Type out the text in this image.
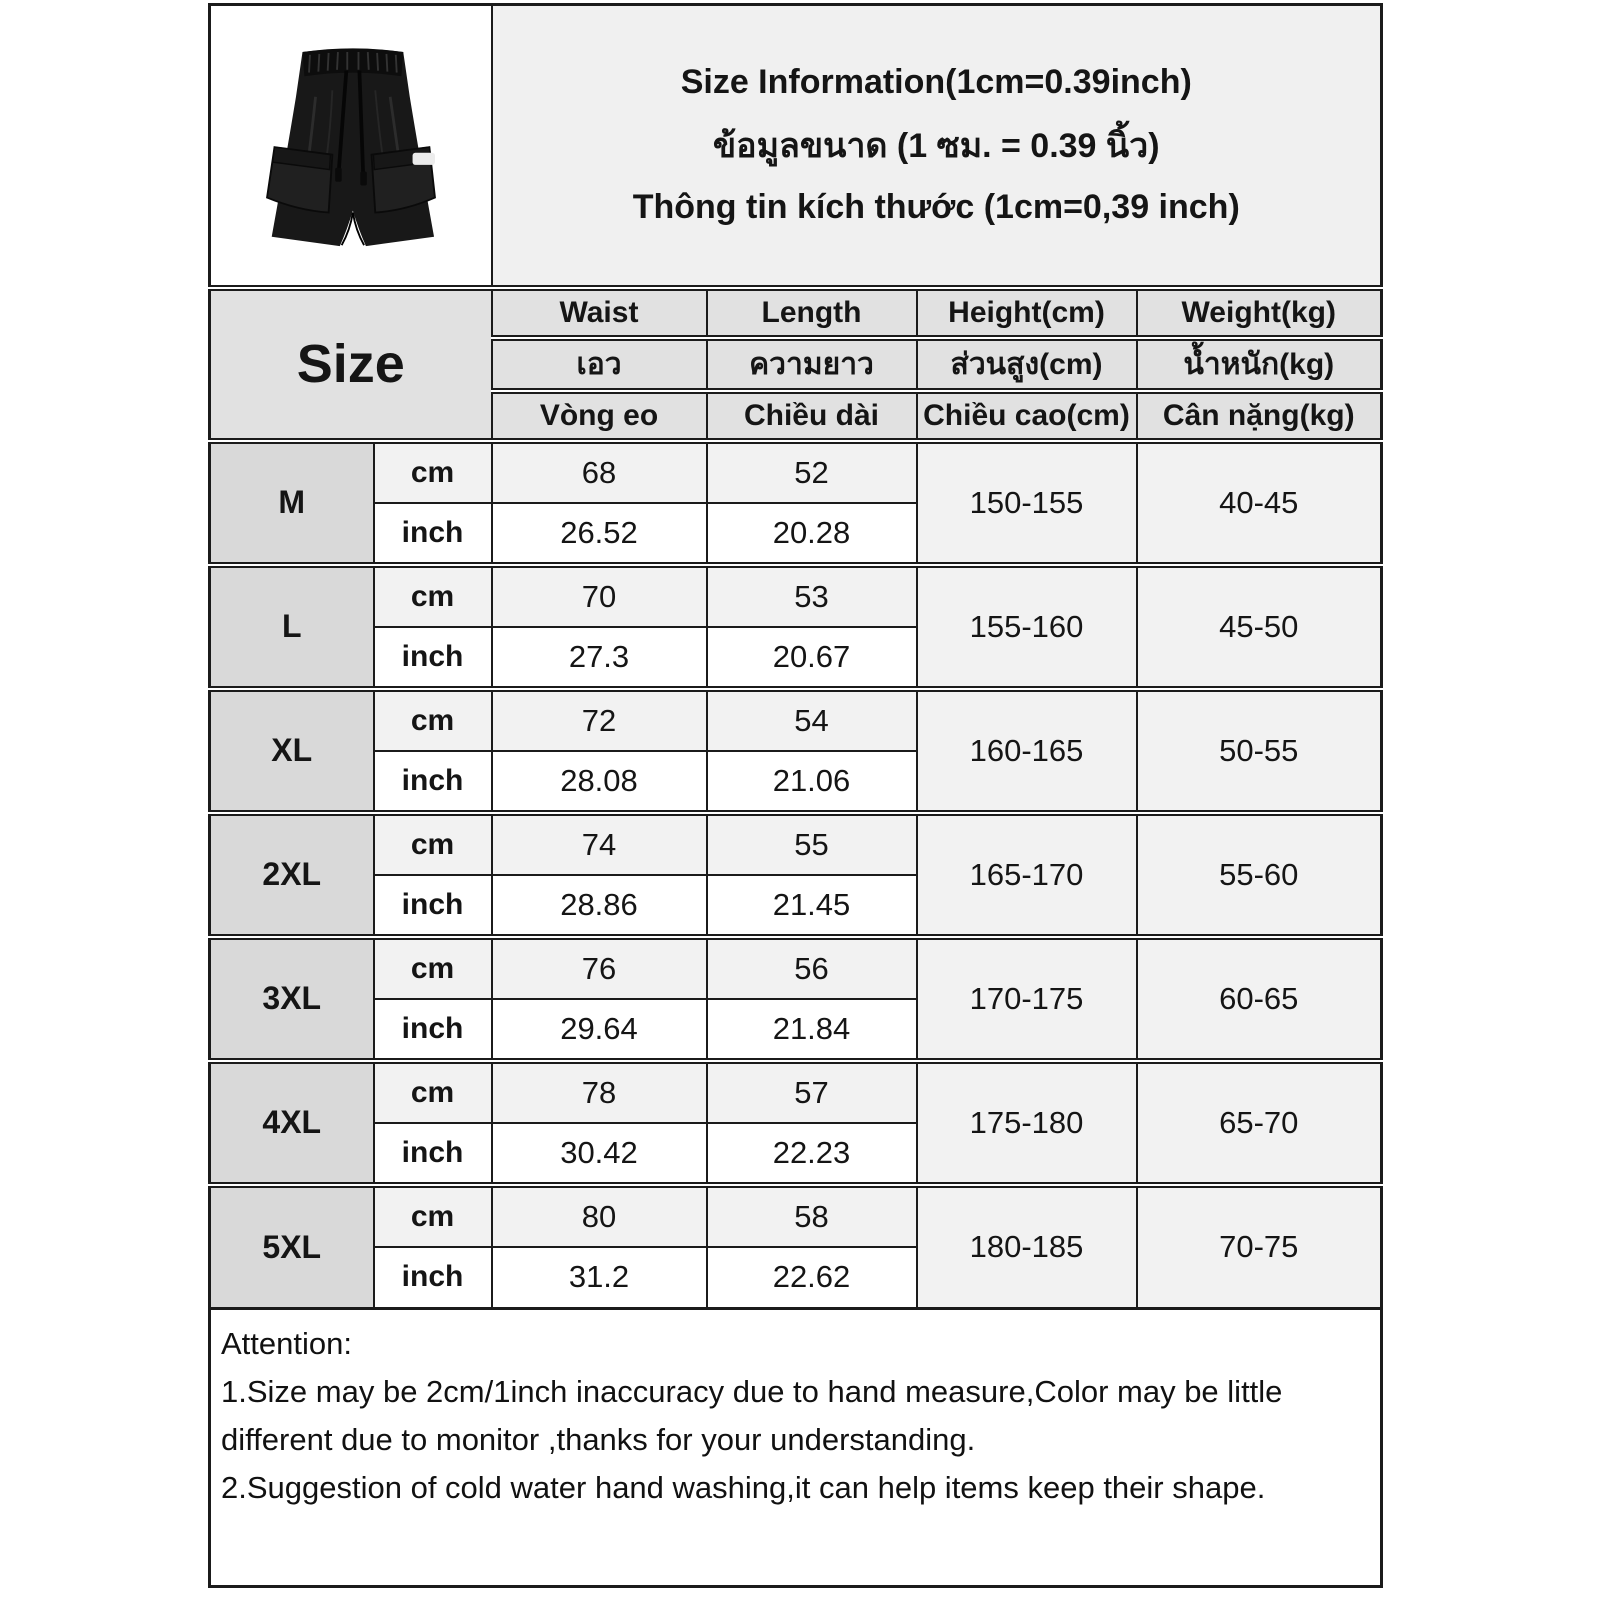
Size Information(1cm=0.39inch)
ข้อมูลขนาด (1 ซม. = 0.39 นิ้ว)
Thông tin kích thước (1cm=0,39 inch)			

Size		Waist	Length	Height(cm)	Weight(kg)
		เอว	ความยาว	ส่วนสูง(cm)	น้ำหนัก(kg)
		Vòng eo	Chiều dài	Chiều cao(cm)	Cân nặng(kg)
M	cm	68	52	150-155	40-45
	inch	26.52	20.28		
L	cm	70	53	155-160	45-50
	inch	27.3	20.67		
XL	cm	72	54	160-165	50-55
	inch	28.08	21.06		
2XL	cm	74	55	165-170	55-60
	inch	28.86	21.45		
3XL	cm	76	56	170-175	60-65
	inch	29.64	21.84		
4XL	cm	78	57	175-180	65-70
	inch	30.42	22.23		
5XL	cm	80	58	180-185	70-75
	inch	31.2	22.62		

Attention:
1.Size may be 2cm/1inch inaccuracy due to hand measure,Color may be little different due to monitor ,thanks for your understanding.
2.Suggestion of cold water hand washing,it can help items keep their shape.					
